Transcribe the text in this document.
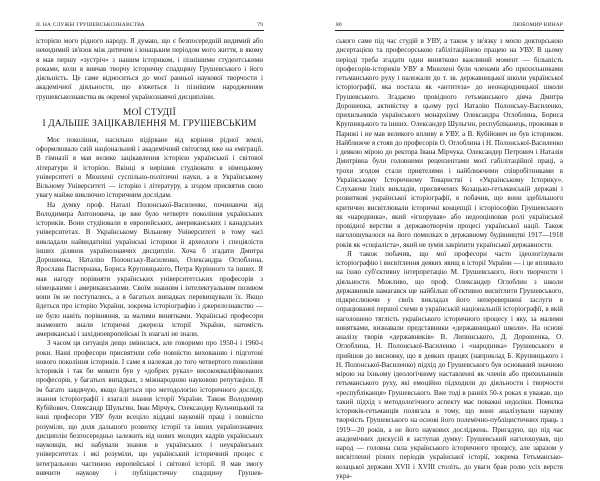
II. НА СЛУЖБІ ГРУШЕВСЬКОЗНАВСТВА	79

історією мого рідного народу. Я думаю, що є безпосередній видимий або невидимий зв'язок між дитячим і юнацьким періодом мого життя, в якому я мав першу «зустріч» з нашим істориком, і пізнішими студентськими роками, коли я вивчав творчу історичну спадщину Грушевського і його діяльність. Це саме відноситься до моєї ранньої наукової творчости і академічної діяльности, що в'яжеться із пізнішим народженням грушевськознавства як окремої українознавчої дисципліни.

МОЇ СТУДІЇ
І ДАЛЬШЕ ЗАЦІКАВЛЕННЯ М. ГРУШЕВСЬКИМ

Моє покоління, насильно відірване від коріння рідної землі, оформлювало свій національний і академічний світогляд вже на еміграції. В гімназії я мав велике зацікавлення історією української і світової літератури й історією. Вкінці я вирішив студіювати в німецькому університеті в Мюнхені суспільно-політичні науки, а в Українському Вільному Університеті — історію і літературу, а згодом присвятив свою увагу майже виключно історичним дослідам.

На думку проф. Наталі Полонської-Василенко, починаючи від Володимира Антоновича, це вже було четверте покоління українських істориків. Вони студіювали в европейських, американських і канадських університетах. В Українському Вільному Університеті в тому часі викладали найвидатніші українські історики й археологи і спеціялісти інших ділянок українознавчих дисциплін. Хоча б згадати Дмитра Дорошенка, Наталію Полонську-Василенко, Олександра Оглоблина, Ярослава Пастернака, Бориса Крупницького, Петра Курінного та інших. Я мав нагоду порівняти українських університетських професорів з німецькими і американськими. Своїм знанням і інтелектуальним позивом вони їм не поступались, а в багатьох випадках перевищували їх. Якщо йдеться про історію України, зокрема історіографію і джерелознавство — не було навіть порівняння, за малими винятками. Українські професори знаменито знали історичні джерела історії України, натомість американські і західноевропейські їх взагалі не знали.

З часом ця ситуація дещо змінилася, але говоримо про 1950-і і 1960-і роки. Наші професори присвятили себе повністю вихованню і підготові нового покоління істориків. І саме я належав до того четвертого покоління істориків і так би мовити був у «добрих руках» висококваліфікованих професорів, у багатьох випадках, з міжнародною науковою репутацією. Я їм багато завдячую, якщо йдеться про методологію історичного досліду, знання історіографії і взагалі знання історії України. Також Володимир Кубійович, Олександр Шульгин, Іван Мірчук, Олександер Кульчицький та інші професори УВУ були всецілo віддані науковій праці і повністю розуміли, що доля дальшого розвитку історії та інших українознавчих дисциплін безпосередньо залежить від нових молодих кадрів українських науковців, які набували знання в українських і неукраїнських університетах і які розуміли, що український історичний процес є інтегральною частиною европейської і світової історії. Я мав змогу вивчити наукову і публіцистичну спадщину Грушев-

80	ЛЮБОМИР ВИНАР

ського саме під час студій в УВУ, а також у зв'язку з моєю докторською дисертацією та професорською габілітаційною працею на УВУ. В цьому періоді треба згадати один винятково важливий момент — більшість професорів-істориків УВУ в Мюнхені були членами або прихильниками гетьманського руху і належали до т. зв. державницької школи української історіографії, яка постала як «антитеза» до неонародницької школи Грушевського. Згадаємо провідного гетьманського діяча Дмитра Дорошенка, активістку в цьому русі Наталію Полонську-Василенко, прихильників українського монархізму Олександра Оглоблина, Бориса Крупницького та інших. Олександер Шульгин, республіканець, проживав в Парижі і не мав великого впливу в УВУ, а В. Кубійович не був істориком. Найближче я стояв до професорів О. Оглоблина і Н. Полонської-Василенко і деякою мірою до ректора Івана Мірчука. Олександер Петрович і Наталія Дмитрівна були головними рецензентами моєї габілітаційної праці, а трохи згодом стали приятелями і найближчими співробітниками в Українському Історичному Товаристві і «Українському Історику». Слухаючи їхніх викладів, присвячених Козацько-гетьманській державі і розвиткові української історіографії, я побачив, що вони здебільшого критично висвітлювали історичні концепції і історіософію Грушевського як «народника», який «ігнорував» або недооцінював ролі української провідної верстви в державотворчім процесі української нації. Також наголошувалося на його помилках в державному будівництві 1917—1918 років як «соціаліста», який не зумів закріпити української державности.

Я також побачив, що мої професори часто ідеологізували історіографію і висвітлення деяких явищ в історії України — і це впливало на їхню суб'єктивну інтерпретацію М. Грушевського, його творчости і діяльности. Можливо, що проф. Олександер Оглоблин з школи державників намагався ще найбільш об'єктивно висвітлити Грушевського, підкреслюючи у своїх викладах його неперевершені заслуги в опрацюванні першої схеми в українській національній історіографії, в якій наголошено тяглість українського історичного процесу і яку, за малими винятками, визнавали представники «державницької школи». На основі аналізу творів «державників» В. Липинського, Д. Дорошенка, О. Оглоблина, Н. Полонської-Василенко і «народника» Грушевського я прийшов до висновку, що в деяких працях (наприклад Б. Крупницького і Н. Полонської-Василенко) підхід до Грушевського був оснований значною мірою на їхньому ідеологічному наставленні як членів або прихильників гетьманського руху, які емоційно підходили до діяльности і творчости «республіканця» Грушевського. Вже тоді в ранніх 50-х роках я уважав, що такий підхід з методологічного аспекту має поважні недоліки. Помилка істориків-гетьманців полягала в тому, що вони аналізували наукову творчість Грушевського на основі його полемічно-публіцистичних праць з 1919—20 років, а не його наукових досліджень. Пригадую, що під час академічних дискусій я заступав думку: Грушевський наголошував, що народ — головна сила українського історичного процесу, але заразом у висвітленні різних періодів української історії, зокрема Гетьмансько-козацької держави XVII і XVIII століть, до уваги брав ролю усіх верств укра-
